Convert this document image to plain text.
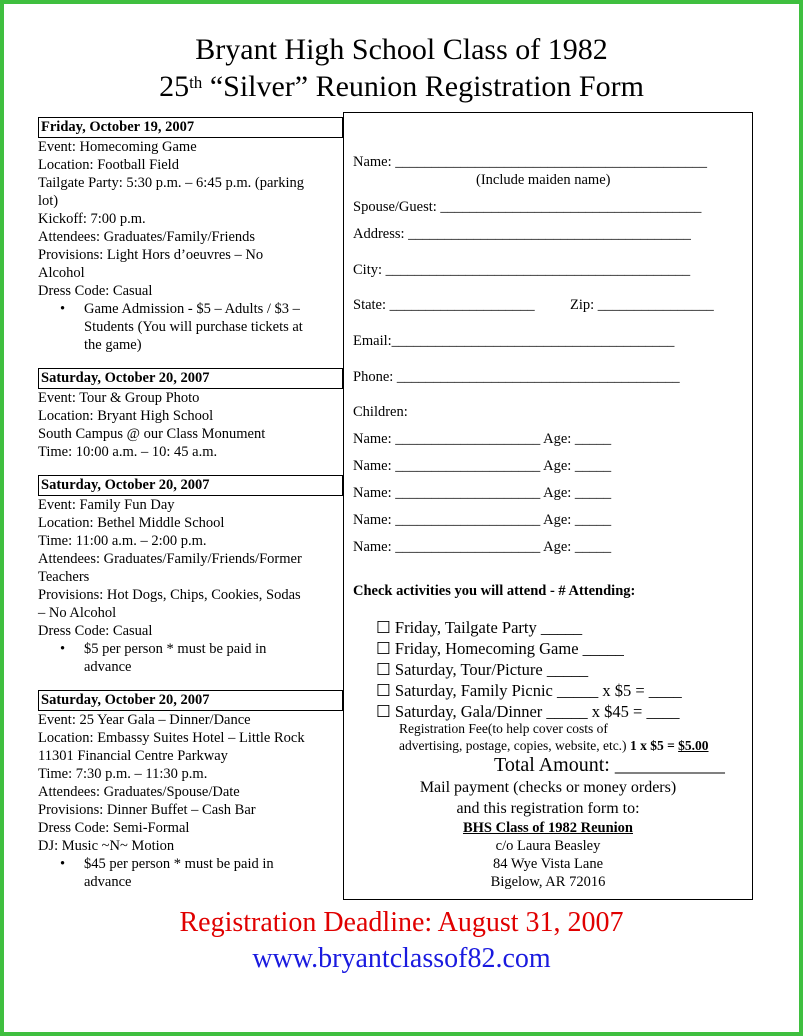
Bryant High School Class of 1982
25th “Silver” Reunion Registration Form
Friday, October 19, 2007

Event: Homecoming Game

Location: Football Field

Tailgate Party: 5:30 p.m. – 6:45 p.m. (parking

lot)

Kickoff: 7:00 p.m.

Attendees: Graduates/Family/Friends

Provisions: Light Hors d’oeuvres – No

Alcohol

Dress Code: Casual

• Game Admission - $5 – Adults / $3 –
Students (You will purchase tickets at
the game)

Saturday, October 20, 2007

Event: Tour & Group Photo

Location: Bryant High School

South Campus @ our Class Monument

Time: 10:00 a.m. – 10: 45 a.m.

Saturday, October 20, 2007

Event: Family Fun Day

Location: Bethel Middle School

Time: 11:00 a.m. – 2:00 p.m.

Attendees: Graduates/Family/Friends/Former

Teachers

Provisions: Hot Dogs, Chips, Cookies, Sodas

– No Alcohol

Dress Code: Casual

• $5 per person * must be paid in
advance

Saturday, October 20, 2007

Event: 25 Year Gala – Dinner/Dance

Location: Embassy Suites Hotel – Little Rock

11301 Financial Centre Parkway

Time: 7:30 p.m. – 11:30 p.m.

Attendees: Graduates/Spouse/Date

Provisions: Dinner Buffet – Cash Bar

Dress Code: Semi-Formal

DJ: Music ~N~ Motion

• $45 per person * must be paid in
advance

Name: ___________________________________________
(Include maiden name)
Spouse/Guest: ____________________________________
Address: _______________________________________
City: __________________________________________
State: ____________________ Zip: ________________
Email:_______________________________________
Phone: _______________________________________
Children:
Name: ____________________ Age: _____
Name: ____________________ Age: _____
Name: ____________________ Age: _____
Name: ____________________ Age: _____
Name: ____________________ Age: _____
Check activities you will attend - # Attending:
☐ Friday, Tailgate Party _____
☐ Friday, Homecoming Game _____
☐ Saturday, Tour/Picture _____
☐ Saturday, Family Picnic _____ x $5 = ____
☐ Saturday, Gala/Dinner _____ x $45 = ____
Registration Fee(to help cover costs of
advertising, postage, copies, website, etc.) 1 x $5 = $5.00
Total Amount: ___________
Mail payment (checks or money orders)
and this registration form to:
BHS Class of 1982 Reunion
c/o Laura Beasley
84 Wye Vista Lane
Bigelow, AR 72016
Registration Deadline: August 31, 2007
www.bryantclassof82.com
